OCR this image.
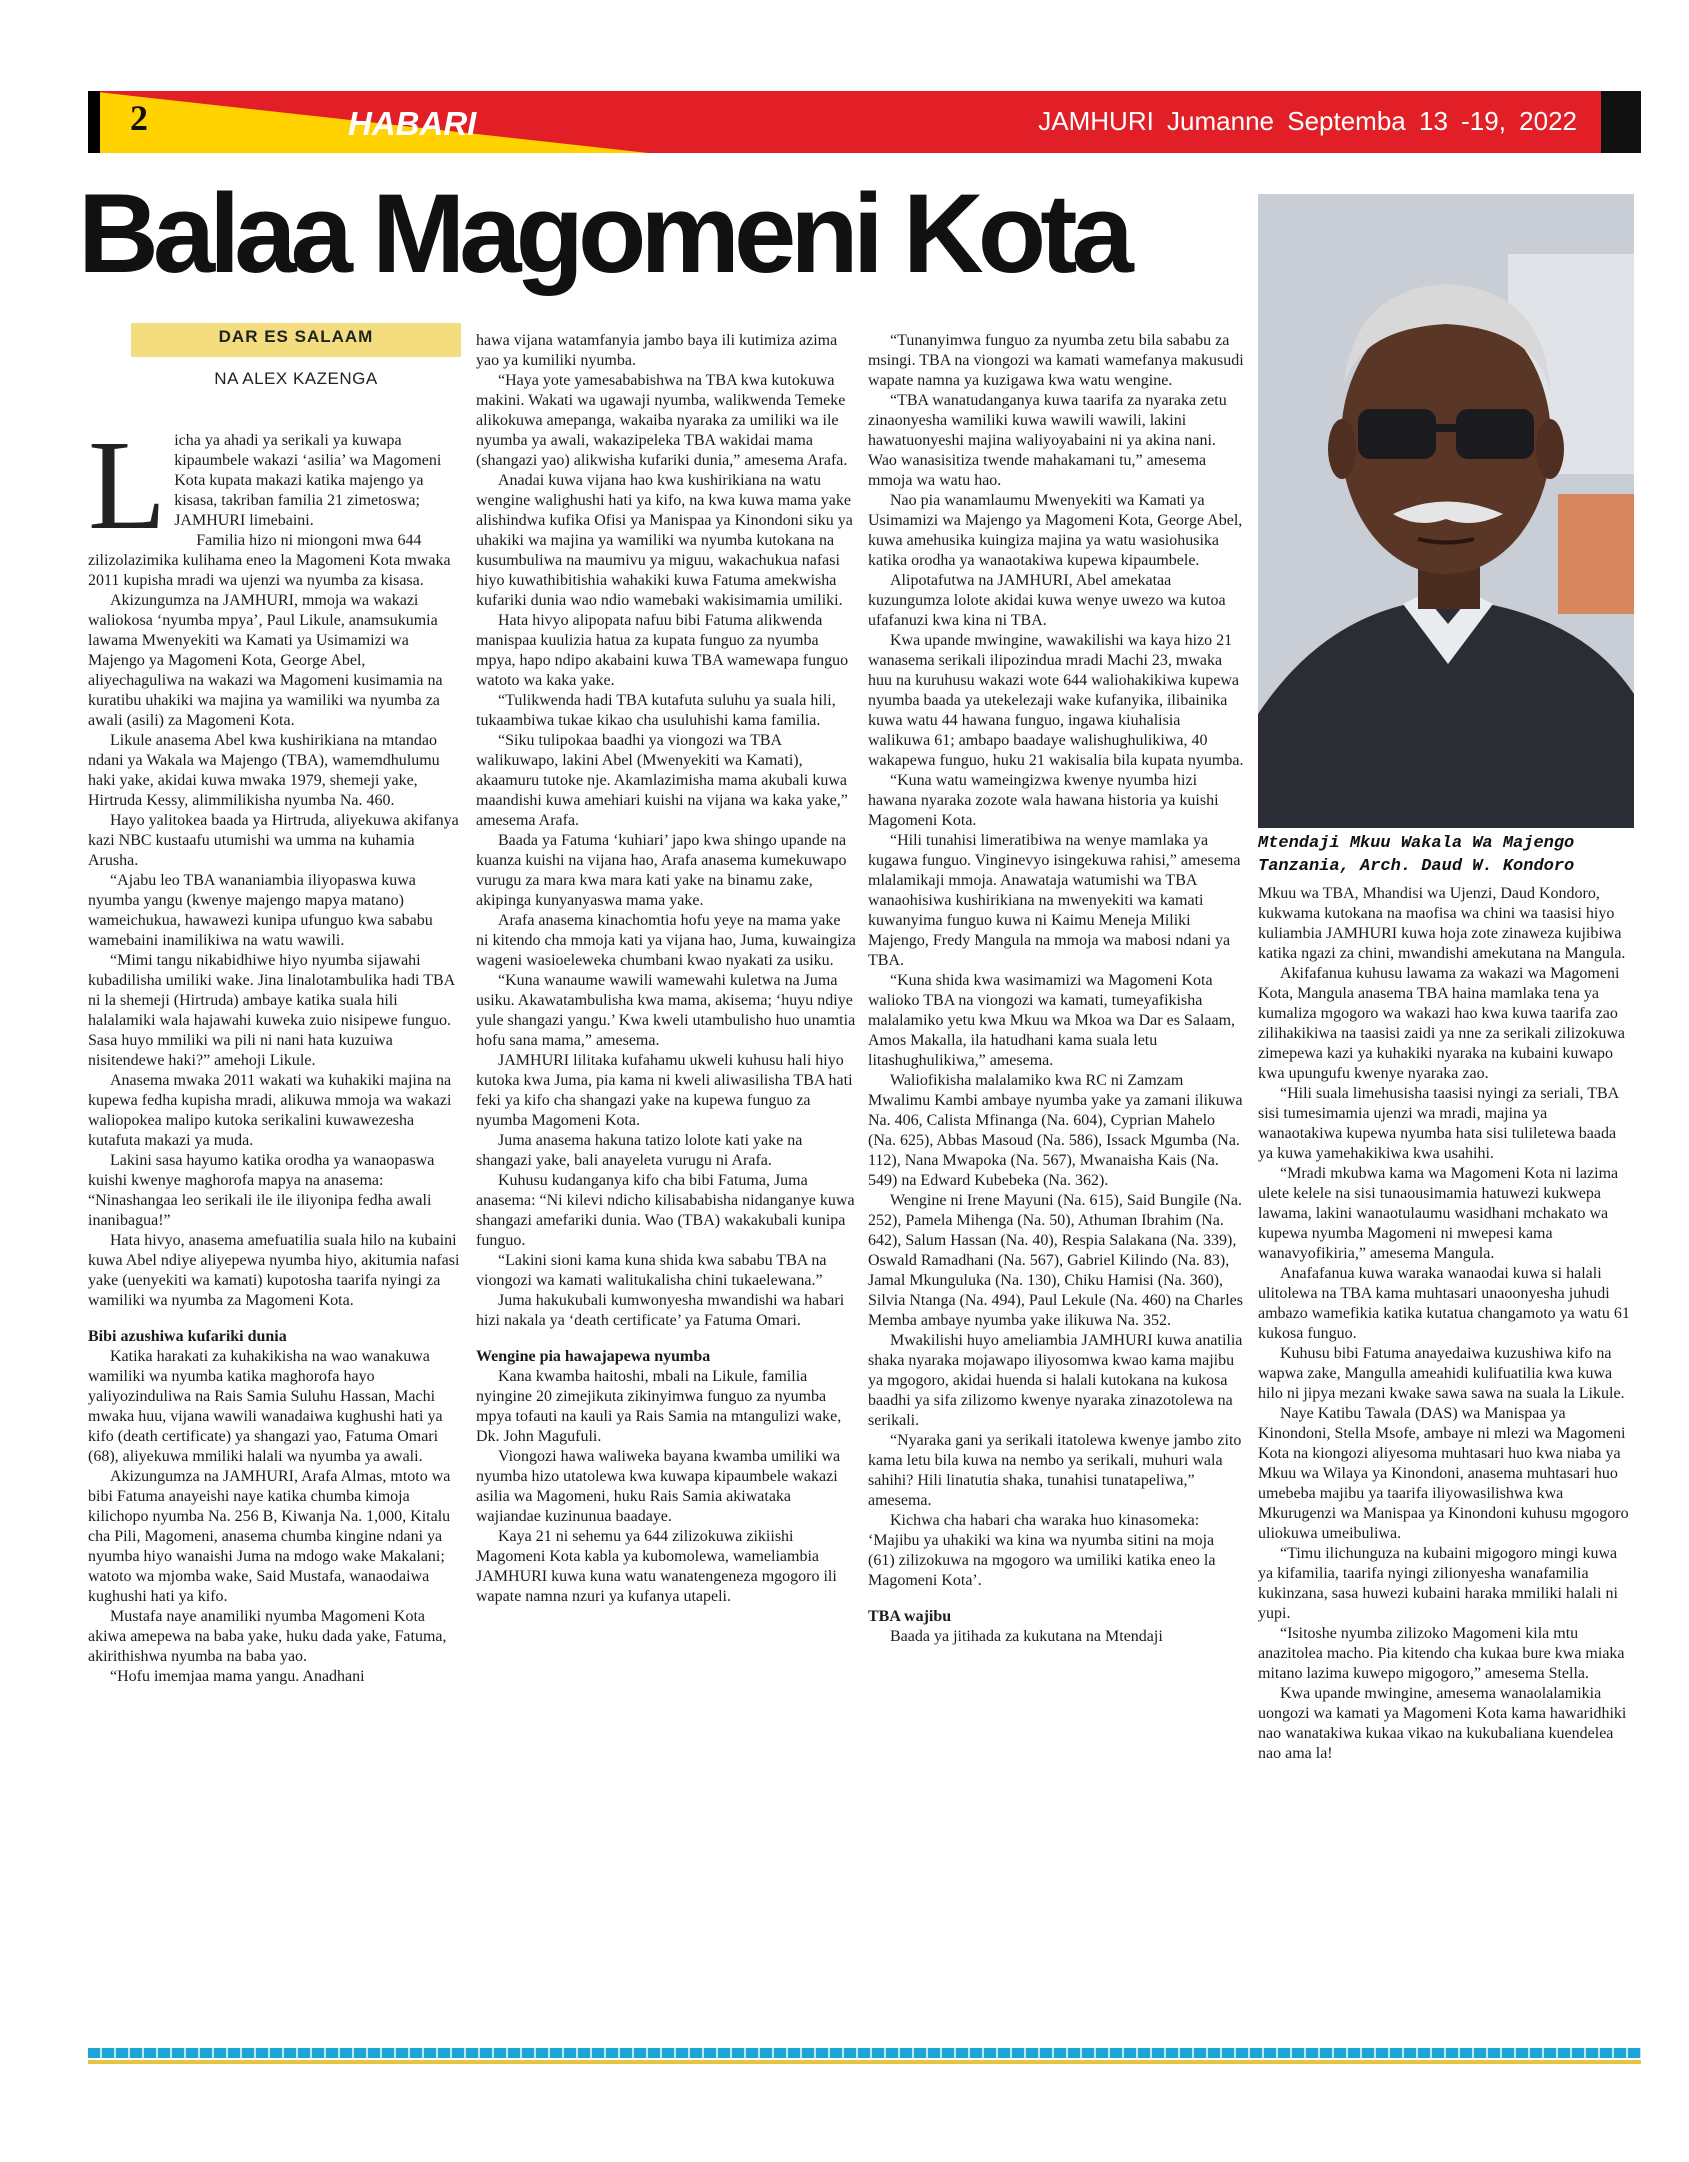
2	HABARI	JAMHURI Jumanne Septemba 13 -19, 2022
Balaa Magomeni Kota
DAR ES SALAAM
NA ALEX KAZENGA

L icha ya ahadi ya serikali ya kuwapa kipaumbele wakazi ‘asilia’ wa Magomeni Kota kupata makazi katika majengo ya kisasa, takriban familia 21 zimetoswa; JAMHURI limebaini.

Familia hizo ni miongoni mwa 644 zilizolazimika kulihama eneo la Magomeni Kota mwaka 2011 kupisha mradi wa ujenzi wa nyumba za kisasa.

Akizungumza na JAMHURI, mmoja wa wakazi waliokosa ‘nyumba mpya’, Paul Likule, anamsukumia lawama Mwenyekiti wa Kamati ya Usimamizi wa Majengo ya Magomeni Kota, George Abel, aliyechaguliwa na wakazi wa Magomeni kusimamia na kuratibu uhakiki wa majina ya wamiliki wa nyumba za awali (asili) za Magomeni Kota.

Likule anasema Abel kwa kushirikiana na mtandao ndani ya Wakala wa Majengo (TBA), wamemdhulumu haki yake, akidai kuwa mwaka 1979, shemeji yake, Hirtruda Kessy, alimmilikisha nyumba Na. 460.

Hayo yalitokea baada ya Hirtruda, aliyekuwa akifanya kazi NBC kustaafu utumishi wa umma na kuhamia Arusha.

“Ajabu leo TBA wananiambia iliyopaswa kuwa nyumba yangu (kwenye majengo mapya matano) wameichukua, hawawezi kunipa ufunguo kwa sababu wamebaini inamilikiwa na watu wawili.

“Mimi tangu nikabidhiwe hiyo nyumba sijawahi kubadilisha umiliki wake. Jina linalotambulika hadi TBA ni la shemeji (Hirtruda) ambaye katika suala hili halalamiki wala hajawahi kuweka zuio nisipewe funguo. Sasa huyo mmiliki wa pili ni nani hata kuzuiwa nisitendewe haki?” amehoji Likule.

Anasema mwaka 2011 wakati wa kuhakiki majina na kupewa fedha kupisha mradi, alikuwa mmoja wa wakazi waliopokea malipo kutoka serikalini kuwawezesha kutafuta makazi ya muda.

Lakini sasa hayumo katika orodha ya wanaopaswa kuishi kwenye maghorofa mapya na anasema: “Ninashangaa leo serikali ile ile iliyonipa fedha awali inanibagua!”

Hata hivyo, anasema amefuatilia suala hilo na kubaini kuwa Abel ndiye aliyepewa nyumba hiyo, akitumia nafasi yake (uenyekiti wa kamati) kupotosha taarifa nyingi za wamiliki wa nyumba za Magomeni Kota.

Bibi azushiwa kufariki dunia

Katika harakati za kuhakikisha na wao wanakuwa wamiliki wa nyumba katika maghorofa hayo yaliyozinduliwa na Rais Samia Suluhu Hassan, Machi mwaka huu, vijana wawili wanadaiwa kughushi hati ya kifo (death certificate) ya shangazi yao, Fatuma Omari (68), aliyekuwa mmiliki halali wa nyumba ya awali.

Akizungumza na JAMHURI, Arafa Almas, mtoto wa bibi Fatuma anayeishi naye katika chumba kimoja kilichopo nyumba Na. 256 B, Kiwanja Na. 1,000, Kitalu cha Pili, Magomeni, anasema chumba kingine ndani ya nyumba hiyo wanaishi Juma na mdogo wake Makalani; watoto wa mjomba wake, Said Mustafa, wanaodaiwa kughushi hati ya kifo.

Mustafa naye anamiliki nyumba Magomeni Kota akiwa amepewa na baba yake, huku dada yake, Fatuma, akirithishwa nyumba na baba yao.

“Hofu imemjaa mama yangu. Anadhani

hawa vijana watamfanyia jambo baya ili kutimiza azima yao ya kumiliki nyumba.

“Haya yote yamesababishwa na TBA kwa kutokuwa makini. Wakati wa ugawaji nyumba, walikwenda Temeke alikokuwa amepanga, wakaiba nyaraka za umiliki wa ile nyumba ya awali, wakazipeleka TBA wakidai mama (shangazi yao) alikwisha kufariki dunia,” amesema Arafa.

Anadai kuwa vijana hao kwa kushirikiana na watu wengine walighushi hati ya kifo, na kwa kuwa mama yake alishindwa kufika Ofisi ya Manispaa ya Kinondoni siku ya uhakiki wa majina ya wamiliki wa nyumba kutokana na kusumbuliwa na maumivu ya miguu, wakachukua nafasi hiyo kuwathibitishia wahakiki kuwa Fatuma amekwisha kufariki dunia wao ndio wamebaki wakisimamia umiliki.

Hata hivyo alipopata nafuu bibi Fatuma alikwenda manispaa kuulizia hatua za kupata funguo za nyumba mpya, hapo ndipo akabaini kuwa TBA wamewapa funguo watoto wa kaka yake.

“Tulikwenda hadi TBA kutafuta suluhu ya suala hili, tukaambiwa tukae kikao cha usuluhishi kama familia.

“Siku tulipokaa baadhi ya viongozi wa TBA walikuwapo, lakini Abel (Mwenyekiti wa Kamati), akaamuru tutoke nje. Akamlazimisha mama akubali kuwa maandishi kuwa amehiari kuishi na vijana wa kaka yake,” amesema Arafa.

Baada ya Fatuma ‘kuhiari’ japo kwa shingo upande na kuanza kuishi na vijana hao, Arafa anasema kumekuwapo vurugu za mara kwa mara kati yake na binamu zake, akipinga kunyanyaswa mama yake.

Arafa anasema kinachomtia hofu yeye na mama yake ni kitendo cha mmoja kati ya vijana hao, Juma, kuwaingiza wageni wasioeleweka chumbani kwao nyakati za usiku.

“Kuna wanaume wawili wamewahi kuletwa na Juma usiku. Akawatambulisha kwa mama, akisema; ‘huyu ndiye yule shangazi yangu.’ Kwa kweli utambulisho huo unamtia hofu sana mama,” amesema.

JAMHURI lilitaka kufahamu ukweli kuhusu hali hiyo kutoka kwa Juma, pia kama ni kweli aliwasilisha TBA hati feki ya kifo cha shangazi yake na kupewa funguo za nyumba Magomeni Kota.

Juma anasema hakuna tatizo lolote kati yake na shangazi yake, bali anayeleta vurugu ni Arafa.

Kuhusu kudanganya kifo cha bibi Fatuma, Juma anasema: “Ni kilevi ndicho kilisababisha nidanganye kuwa shangazi amefariki dunia. Wao (TBA) wakakubali kunipa funguo.

“Lakini sioni kama kuna shida kwa sababu TBA na viongozi wa kamati walitukalisha chini tukaelewana.”

Juma hakukubali kumwonyesha mwandishi wa habari hizi nakala ya ‘death certificate’ ya Fatuma Omari.

Wengine pia hawajapewa nyumba

Kana kwamba haitoshi, mbali na Likule, familia nyingine 20 zimejikuta zikinyimwa funguo za nyumba mpya tofauti na kauli ya Rais Samia na mtangulizi wake, Dk. John Magufuli.

Viongozi hawa waliweka bayana kwamba umiliki wa nyumba hizo utatolewa kwa kuwapa kipaumbele wakazi asilia wa Magomeni, huku Rais Samia akiwataka wajiandae kuzinunua baadaye.

Kaya 21 ni sehemu ya 644 zilizokuwa zikiishi Magomeni Kota kabla ya kubomolewa, wameliambia JAMHURI kuwa kuna watu wanatengeneza mgogoro ili wapate namna nzuri ya kufanya utapeli.

“Tunanyimwa funguo za nyumba zetu bila sababu za msingi. TBA na viongozi wa kamati wamefanya makusudi wapate namna ya kuzigawa kwa watu wengine.

“TBA wanatudanganya kuwa taarifa za nyaraka zetu zinaonyesha wamiliki kuwa wawili wawili, lakini hawatuonyeshi majina waliyoyabaini ni ya akina nani. Wao wanasisitiza twende mahakamani tu,” amesema mmoja wa watu hao.

Nao pia wanamlaumu Mwenyekiti wa Kamati ya Usimamizi wa Majengo ya Magomeni Kota, George Abel, kuwa amehusika kuingiza majina ya watu wasiohusika katika orodha ya wanaotakiwa kupewa kipaumbele.

Alipotafutwa na JAMHURI, Abel amekataa kuzungumza lolote akidai kuwa wenye uwezo wa kutoa ufafanuzi kwa kina ni TBA.

Kwa upande mwingine, wawakilishi wa kaya hizo 21 wanasema serikali ilipozindua mradi Machi 23, mwaka huu na kuruhusu wakazi wote 644 waliohakikiwa kupewa nyumba baada ya utekelezaji wake kufanyika, ilibainika kuwa watu 44 hawana funguo, ingawa kiuhalisia walikuwa 61; ambapo baadaye walishughulikiwa, 40 wakapewa funguo, huku 21 wakisalia bila kupata nyumba.

“Kuna watu wameingizwa kwenye nyumba hizi hawana nyaraka zozote wala hawana historia ya kuishi Magomeni Kota.

“Hili tunahisi limeratibiwa na wenye mamlaka ya kugawa funguo. Vinginevyo isingekuwa rahisi,” amesema mlalamikaji mmoja. Anawataja watumishi wa TBA wanaohisiwa kushirikiana na mwenyekiti wa kamati kuwanyima funguo kuwa ni Kaimu Meneja Miliki Majengo, Fredy Mangula na mmoja wa mabosi ndani ya TBA.

“Kuna shida kwa wasimamizi wa Magomeni Kota walioko TBA na viongozi wa kamati, tumeyafikisha malalamiko yetu kwa Mkuu wa Mkoa wa Dar es Salaam, Amos Makalla, ila hatudhani kama suala letu litashughulikiwa,” amesema.

Waliofikisha malalamiko kwa RC ni Zamzam Mwalimu Kambi ambaye nyumba yake ya zamani ilikuwa Na. 406, Calista Mfinanga (Na. 604), Cyprian Mahelo (Na. 625), Abbas Masoud (Na. 586), Issack Mgumba (Na. 112), Nana Mwapoka (Na. 567), Mwanaisha Kais (Na. 549) na Edward Kubebeka (Na. 362).

Wengine ni Irene Mayuni (Na. 615), Said Bungile (Na. 252), Pamela Mihenga (Na. 50), Athuman Ibrahim (Na. 642), Salum Hassan (Na. 40), Respia Salakana (Na. 339), Oswald Ramadhani (Na. 567), Gabriel Kilindo (Na. 83), Jamal Mkunguluka (Na. 130), Chiku Hamisi (Na. 360), Silvia Ntanga (Na. 494), Paul Lekule (Na. 460) na Charles Memba ambaye nyumba yake ilikuwa Na. 352.

Mwakilishi huyo ameliambia JAMHURI kuwa anatilia shaka nyaraka mojawapo iliyosomwa kwao kama majibu ya mgogoro, akidai huenda si halali kutokana na kukosa baadhi ya sifa zilizomo kwenye nyaraka zinazotolewa na serikali.

“Nyaraka gani ya serikali itatolewa kwenye jambo zito kama letu bila kuwa na nembo ya serikali, muhuri wala sahihi? Hili linatutia shaka, tunahisi tunatapeliwa,” amesema.

Kichwa cha habari cha waraka huo kinasomeka: ‘Majibu ya uhakiki wa kina wa nyumba sitini na moja (61) zilizokuwa na mgogoro wa umiliki katika eneo la Magomeni Kota’.

TBA wajibu

Baada ya jitihada za kukutana na Mtendaji

Mtendaji Mkuu Wakala Wa Majengo Tanzania, Arch. Daud W. Kondoro

Mkuu wa TBA, Mhandisi wa Ujenzi, Daud Kondoro, kukwama kutokana na maofisa wa chini wa taasisi hiyo kuliambia JAMHURI kuwa hoja zote zinaweza kujibiwa katika ngazi za chini, mwandishi amekutana na Mangula.

Akifafanua kuhusu lawama za wakazi wa Magomeni Kota, Mangula anasema TBA haina mamlaka tena ya kumaliza mgogoro wa wakazi hao kwa kuwa taarifa zao zilihakikiwa na taasisi zaidi ya nne za serikali zilizokuwa zimepewa kazi ya kuhakiki nyaraka na kubaini kuwapo kwa upungufu kwenye nyaraka zao.

“Hili suala limehusisha taasisi nyingi za seriali, TBA sisi tumesimamia ujenzi wa mradi, majina ya wanaotakiwa kupewa nyumba hata sisi tuliletewa baada ya kuwa yamehakikiwa kwa usahihi.

“Mradi mkubwa kama wa Magomeni Kota ni lazima ulete kelele na sisi tunaousimamia hatuwezi kukwepa lawama, lakini wanaotulaumu wasidhani mchakato wa kupewa nyumba Magomeni ni mwepesi kama wanavyofikiria,” amesema Mangula.

Anafafanua kuwa waraka wanaodai kuwa si halali ulitolewa na TBA kama muhtasari unaoonyesha juhudi ambazo wamefikia katika kutatua changamoto ya watu 61 kukosa funguo.

Kuhusu bibi Fatuma anayedaiwa kuzushiwa kifo na wapwa zake, Mangulla ameahidi kulifuatilia kwa kuwa hilo ni jipya mezani kwake sawa sawa na suala la Likule.

Naye Katibu Tawala (DAS) wa Manispaa ya Kinondoni, Stella Msofe, ambaye ni mlezi wa Magomeni Kota na kiongozi aliyesoma muhtasari huo kwa niaba ya Mkuu wa Wilaya ya Kinondoni, anasema muhtasari huo umebeba majibu ya taarifa iliyowasilishwa kwa Mkurugenzi wa Manispaa ya Kinondoni kuhusu mgogoro uliokuwa umeibuliwa.

“Timu ilichunguza na kubaini migogoro mingi kuwa ya kifamilia, taarifa nyingi zilionyesha wanafamilia kukinzana, sasa huwezi kubaini haraka mmiliki halali ni yupi.

“Isitoshe nyumba zilizoko Magomeni kila mtu anazitolea macho. Pia kitendo cha kukaa bure kwa miaka mitano lazima kuwepo migogoro,” amesema Stella.

Kwa upande mwingine, amesema wanaolalamikia uongozi wa kamati ya Magomeni Kota kama hawaridhiki nao wanatakiwa kukaa vikao na kukubaliana kuendelea nao ama la!
